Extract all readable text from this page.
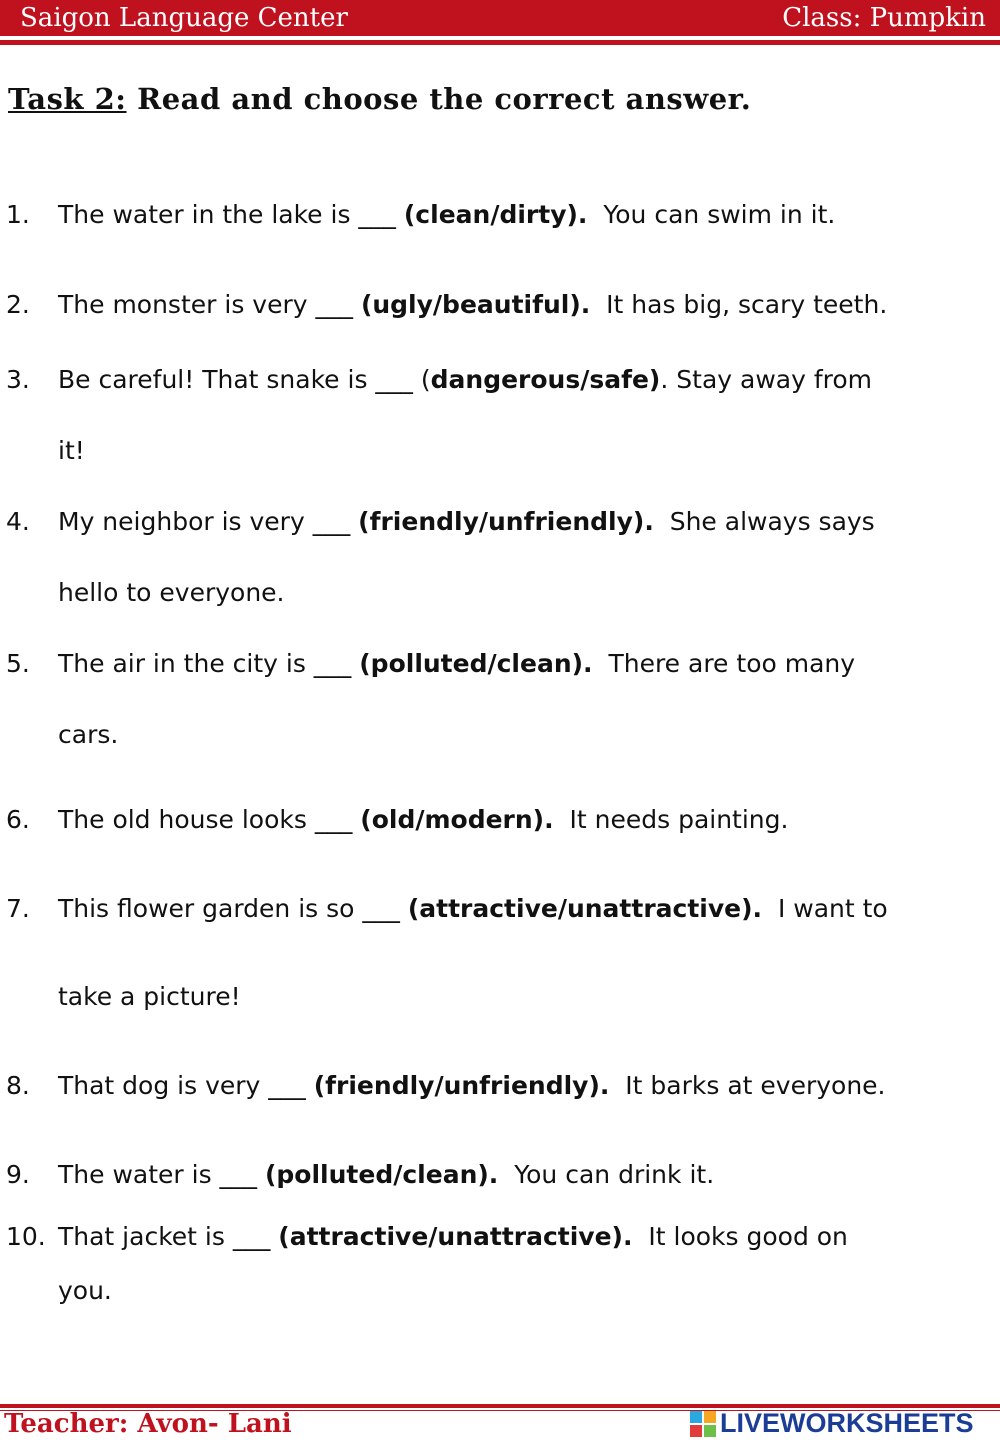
Saigon Language Center	Class: Pumpkin
Task 2: Read and choose the correct answer.
1. The water in the lake is ___ (clean/dirty).  You can swim in it.
2. The monster is very ___ (ugly/beautiful).  It has big, scary teeth.
3. Be careful! That snake is ___ (dangerous/safe). Stay away from
it!
4. My neighbor is very ___ (friendly/unfriendly).  She always says
hello to everyone.
5. The air in the city is ___ (polluted/clean).  There are too many
cars.
6. The old house looks ___ (old/modern).  It needs painting.
7. This flower garden is so ___ (attractive/unattractive).  I want to
take a picture!
8. That dog is very ___ (friendly/unfriendly).  It barks at everyone.
9. The water is ___ (polluted/clean).  You can drink it.
10. That jacket is ___ (attractive/unattractive).  It looks good on
you.
Teacher: Avon- Lani	LIVEWORKSHEETS
